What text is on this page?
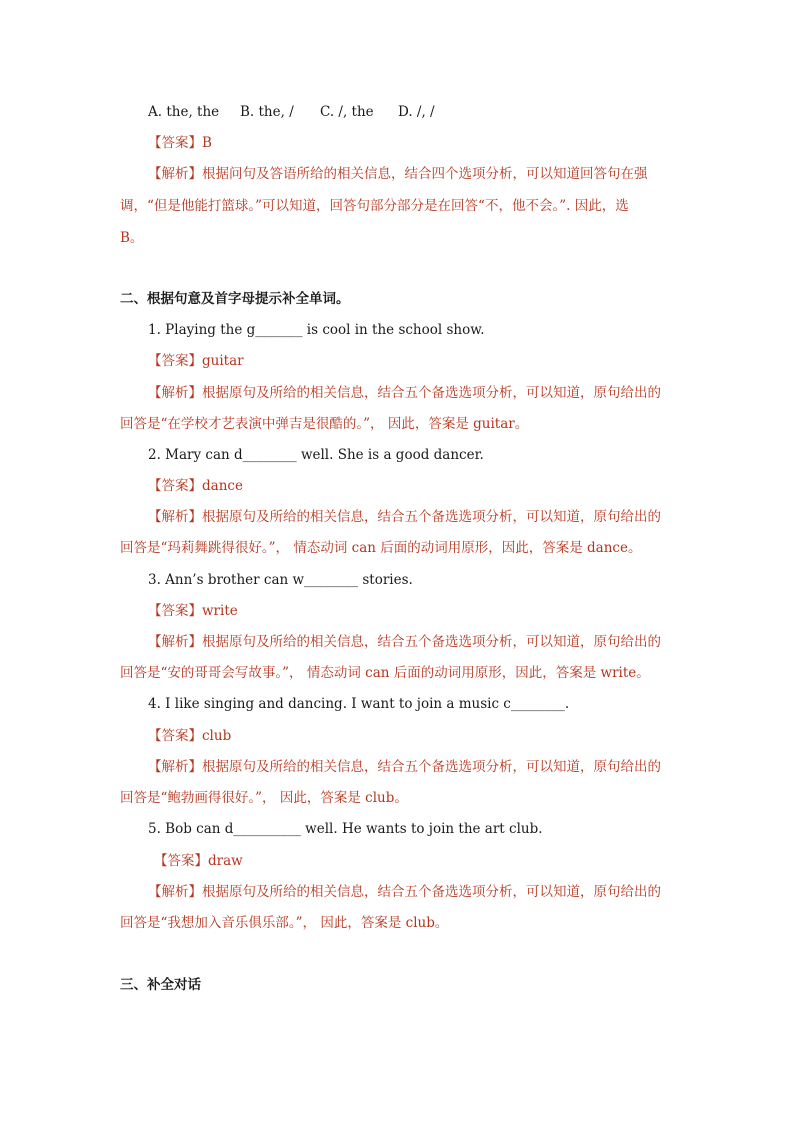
A. the, the B. the, / C. /, the D. /, /
【答案】B
【解析】根据问句及答语所给的相关信息，结合四个选项分析，可以知道回答句在强
调，“但是他能打篮球。”可以知道，回答句部分部分是在回答“不，他不会。”. 因此，选
B。
二、根据句意及首字母提示补全单词。
1. Playing the g_______ is cool in the school show.
【答案】guitar
【解析】根据原句及所给的相关信息，结合五个备选选项分析，可以知道，原句给出的
回答是“在学校才艺表演中弹吉是很酷的。”， 因此，答案是 guitar。
2. Mary can d________ well. She is a good dancer.
【答案】dance
【解析】根据原句及所给的相关信息，结合五个备选选项分析，可以知道，原句给出的
回答是“玛莉舞跳得很好。”， 情态动词 can 后面的动词用原形，因此，答案是 dance。
3. Ann’s brother can w________ stories.
【答案】write
【解析】根据原句及所给的相关信息，结合五个备选选项分析，可以知道，原句给出的
回答是“安的哥哥会写故事。”， 情态动词 can 后面的动词用原形，因此，答案是 write。
4. I like singing and dancing. I want to join a music c________.
【答案】club
【解析】根据原句及所给的相关信息，结合五个备选选项分析，可以知道，原句给出的
回答是“鲍勃画得很好。”， 因此，答案是 club。
5. Bob can d__________ well. He wants to join the art club.
【答案】draw
【解析】根据原句及所给的相关信息，结合五个备选选项分析，可以知道，原句给出的
回答是“我想加入音乐俱乐部。”， 因此，答案是 club。
三、补全对话
